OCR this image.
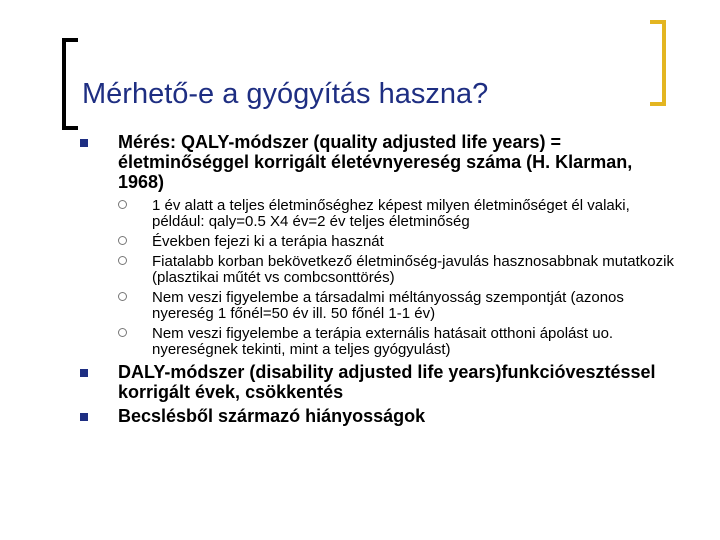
Mérhető-e a gyógyítás haszna?
Mérés: QALY-módszer (quality adjusted life years) = életminőséggel korrigált életévnyereség száma (H. Klarman, 1968)
1 év alatt a teljes életminőséghez képest milyen életminőséget él valaki, például: qaly=0.5 X4 év=2 év teljes életminőség
Években fejezi ki a terápia hasznát
Fiatalabb korban bekövetkező életminőség-javulás hasznosabbnak mutatkozik (plasztikai műtét vs combcsonttörés)
Nem veszi figyelembe a társadalmi méltányosság szempontját (azonos nyereség 1 főnél=50 év ill. 50 főnél 1-1 év)
Nem veszi figyelembe a terápia externális hatásait otthoni ápolást uo. nyereségnek tekinti, mint a teljes gyógyulást)
DALY-módszer (disability adjusted life years)funkcióvesztéssel korrigált évek, csökkentés
Becslésből származó hiányosságok
